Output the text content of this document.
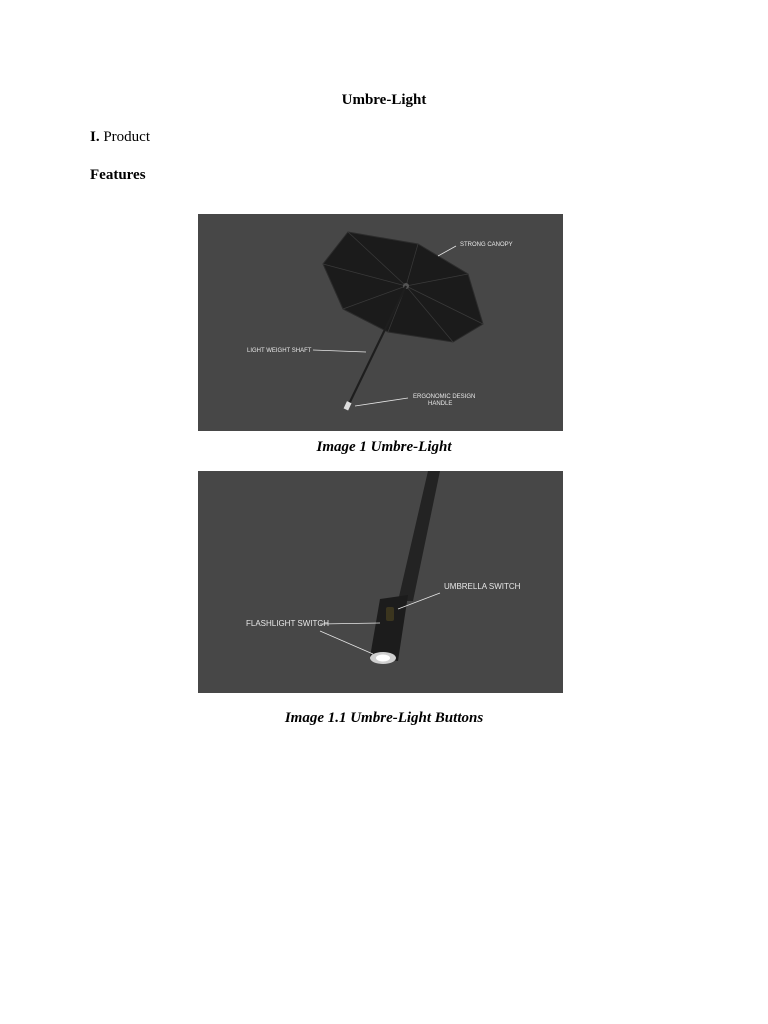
Umbre-Light
I. Product
Features
STRONG CANOPY
LIGHT WEIGHT SHAFT
ERGONOMIC DESIGN
HANDLE
Image 1 Umbre-Light
UMBRELLA SWITCH
FLASHLIGHT SWITCH
Image 1.1 Umbre-Light Buttons
